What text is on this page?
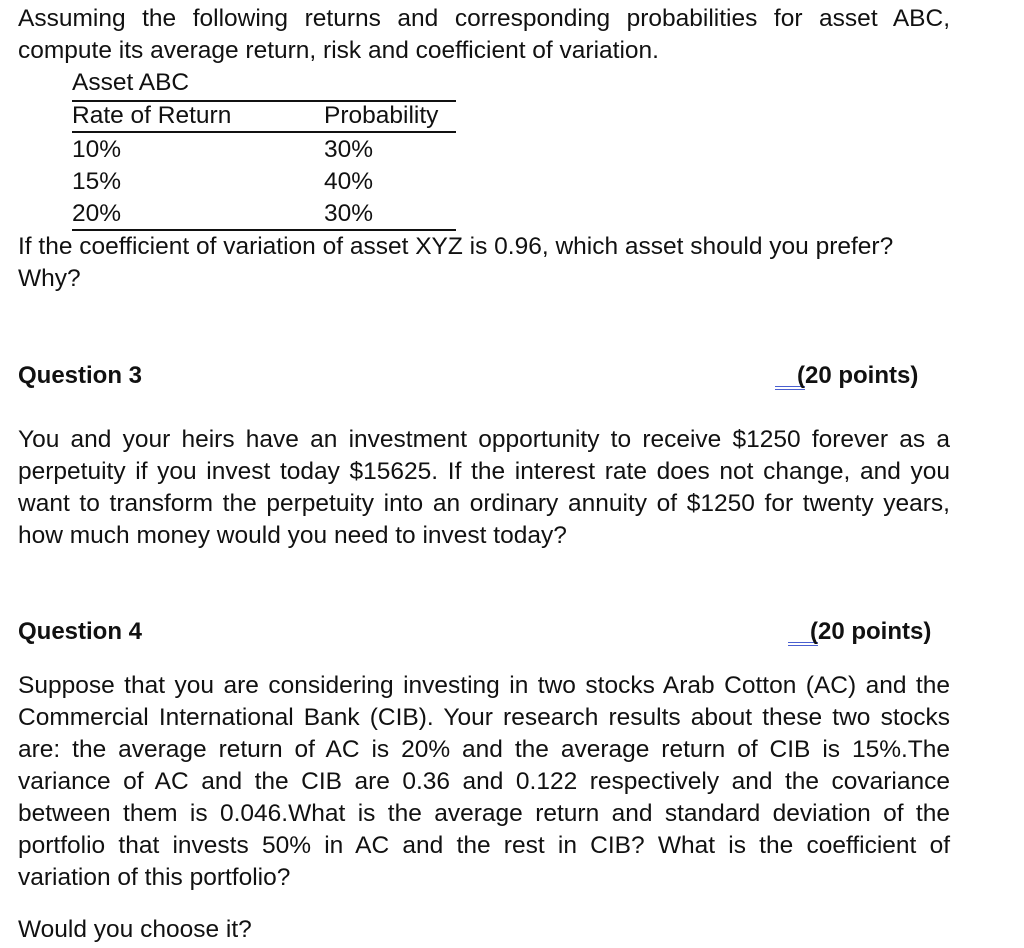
Assuming the following returns and corresponding probabilities for asset ABC, compute its average return, risk and coefficient of variation.
Asset ABC
Rate of Return	Probability
10%	30%
15%	40%
20%	30%
If the coefficient of variation of asset XYZ is 0.96, which asset should you prefer? Why?
Question 3	(20 points)
You and your heirs have an investment opportunity to receive $1250 forever as a perpetuity if you invest today $15625. If the interest rate does not change, and you want to transform the perpetuity into an ordinary annuity of $1250 for twenty years, how much money would you need to invest today?
Question 4	(20 points)
Suppose that you are considering investing in two stocks Arab Cotton (AC) and the Commercial International Bank (CIB). Your research results about these two stocks are: the average return of AC is 20% and the average return of CIB is 15%.The variance of AC and the CIB are 0.36 and 0.122 respectively and the covariance between them is 0.046.What is the average return and standard deviation of the portfolio that invests 50% in AC and the rest in CIB? What is the coefficient of variation of this portfolio?
Would you choose it?
